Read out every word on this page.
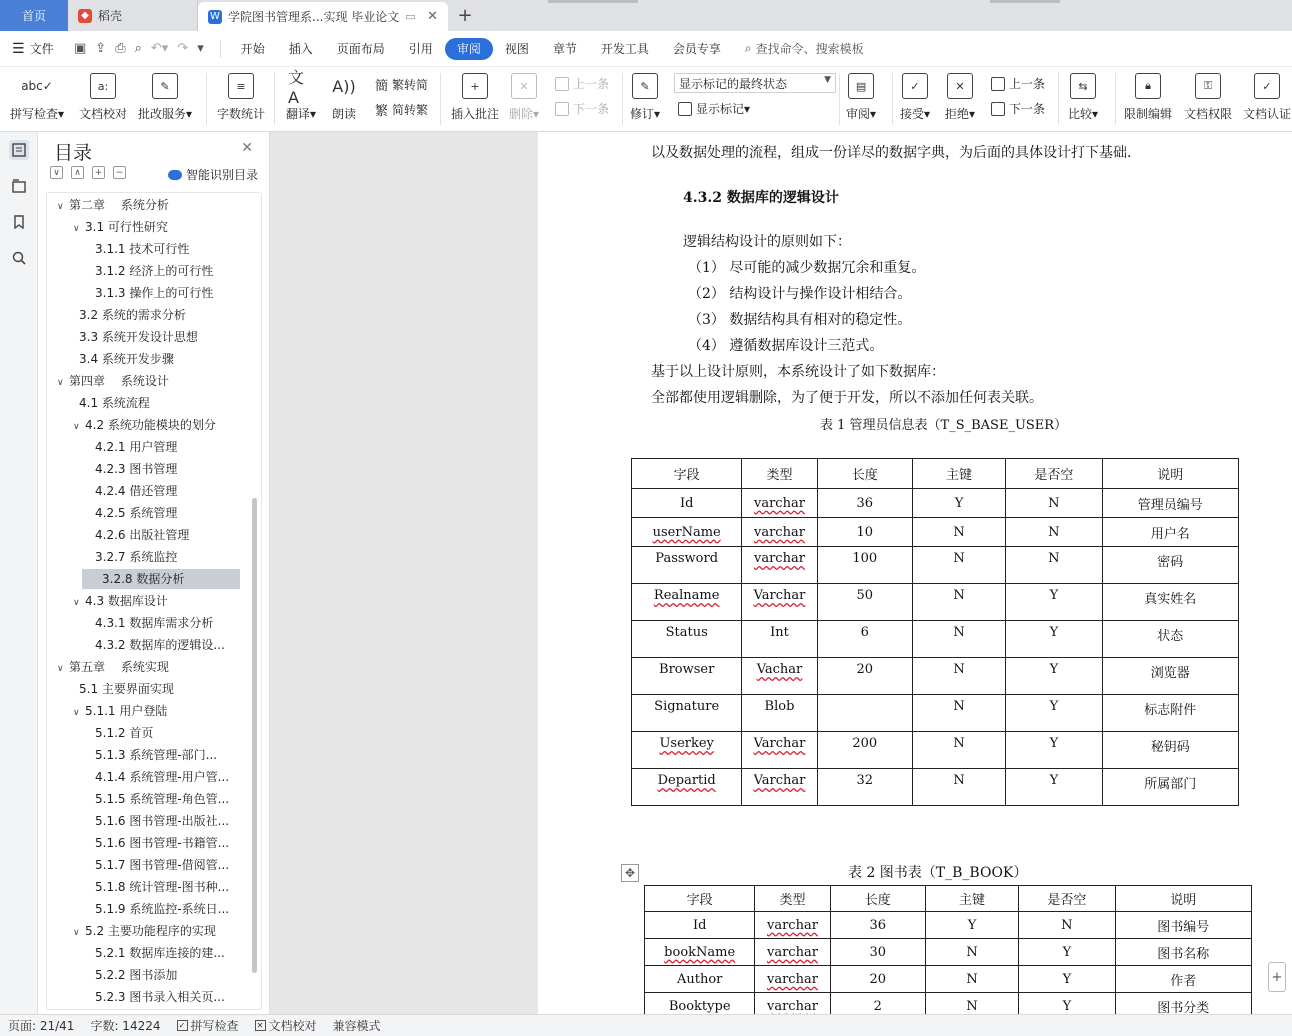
首页	◆ 稻壳	W 学院图书管理系...实现 毕业论文 ▭ ✕	+
☰ 文件 ▣ ⇪ ⎙ ⌕ ↶▾ ↷ ▾	开始	插入	页面布局	引用	审阅	视图	章节	开发工具	会员专享	⌕ 查找命令、搜索模板
abc✓
拼写检查▾
a:
文档校对
✎
批改服务▾
≡
字数统计
文A
翻译▾
A))
朗读
簡 繁转简
繁 简转繁
+
插入批注
✕
删除▾
上一条
下一条
✎
修订▾
显示标记的最终状态	▼
显示标记▾
▤
审阅▾
✓
接受▾
✕
拒绝▾
上一条
下一条
⇆
比较▾
🔒︎
限制编辑
⚿
文档权限
✓
文档认证
目录	✕
∨	∧	+	−	智能识别目录
∨ 第二章　 系统分析
∨ 3.1 可行性研究
3.1.1 技术可行性
3.1.2 经济上的可行性
3.1.3 操作上的可行性
3.2 系统的需求分析
3.3 系统开发设计思想
3.4 系统开发步骤
∨ 第四章　 系统设计
4.1 系统流程
∨ 4.2 系统功能模块的划分
4.2.1 用户管理
4.2.3 图书管理
4.2.4 借还管理
4.2.5 系统管理
4.2.6 出版社管理
3.2.7 系统监控
3.2.8 数据分析
∨ 4.3 数据库设计
4.3.1 数据库需求分析
4.3.2 数据库的逻辑设...
∨ 第五章　 系统实现
5.1 主要界面实现
∨ 5.1.1 用户登陆
5.1.2 首页
5.1.3 系统管理-部门...
4.1.4 系统管理-用户管...
5.1.5 系统管理-角色管...
5.1.6 图书管理-出版社...
5.1.6 图书管理-书籍管...
5.1.7 图书管理-借阅管...
5.1.8 统计管理-图书种...
5.1.9 系统监控-系统日...
∨ 5.2 主要功能程序的实现
5.2.1 数据库连接的建...
5.2.2 图书添加
5.2.3 图书录入相关页...
以及数据处理的流程，组成一份详尽的数据字典，为后面的具体设计打下基础.
4.3.2 数据库的逻辑设计
逻辑结构设计的原则如下：
（1） 尽可能的减少数据冗余和重复。
（2） 结构设计与操作设计相结合。
（3） 数据结构具有相对的稳定性。
（4） 遵循数据库设计三范式。
基于以上设计原则，本系统设计了如下数据库：
全部都使用逻辑删除，为了便于开发，所以不添加任何表关联。
表 1 管理员信息表（T_S_BASE_USER）
字段	类型	长度	主键	是否空	说明
Id	varchar	36	Y	N	管理员编号
userName	varchar	10	N	N	用户名
Password	varchar	100	N	N	密码
Realname	Varchar	50	N	Y	真实姓名
Status	Int	6	N	Y	状态
Browser	Vachar	20	N	Y	浏览器
Signature	Blob		N	Y	标志附件
Userkey	Varchar	200	N	Y	秘钥码
Departid	Varchar	32	N	Y	所属部门
表 2 图书表（T_B_BOOK）
✥
字段	类型	长度	主键	是否空	说明
Id	varchar	36	Y	N	图书编号
bookName	varchar	30	N	Y	图书名称
Author	varchar	20	N	Y	作者
Booktype	varchar	2	N	Y	图书分类
+
页面: 21/41	字数: 14224	✓ 拼写检查 ✕ 文档校对	兼容模式
